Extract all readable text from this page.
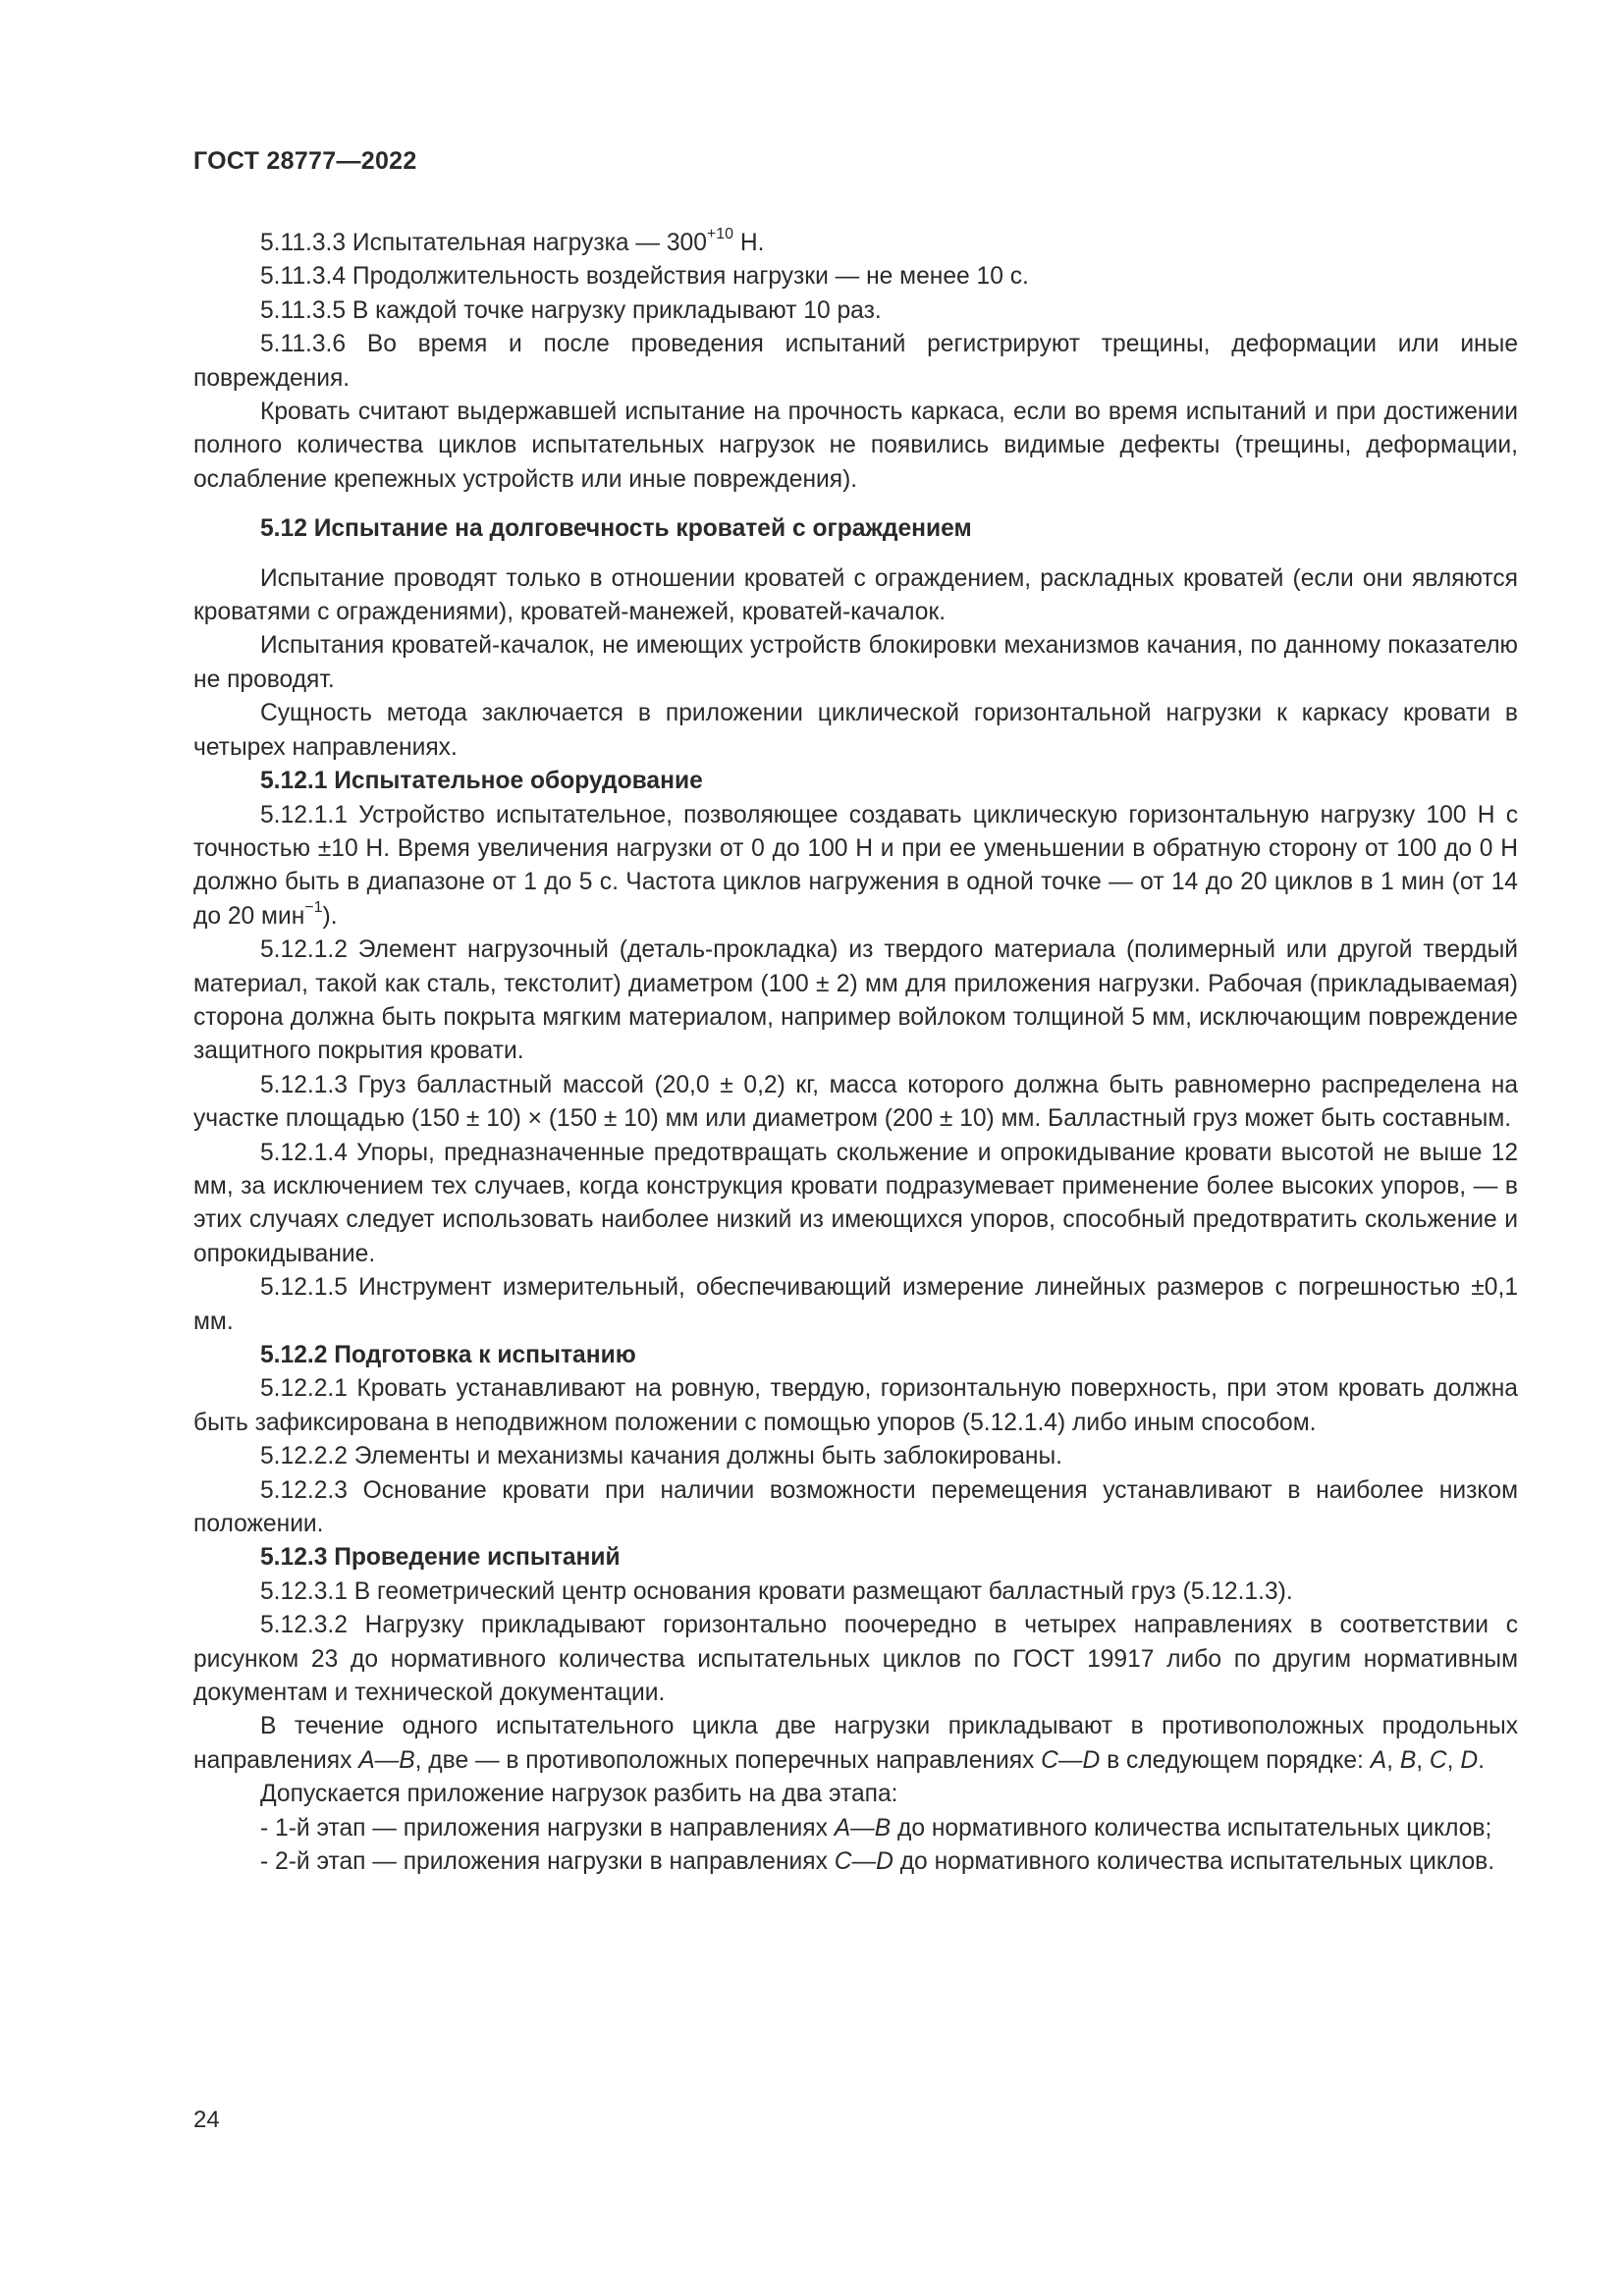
ГОСТ 28777—2022

5.11.3.3 Испытательная нагрузка — $300^{+10}$ Н.

5.11.3.4 Продолжительность воздействия нагрузки — не менее 10 с.

5.11.3.5 В каждой точке нагрузку прикладывают 10 раз.

5.11.3.6 Во время и после проведения испытаний регистрируют трещины, деформации или иные повреждения.

Кровать считают выдержавшей испытание на прочность каркаса, если во время испытаний и при достижении полного количества циклов испытательных нагрузок не появились видимые дефекты (трещины, деформации, ослабление крепежных устройств или иные повреждения).

5.12 Испытание на долговечность кроватей с ограждением

Испытание проводят только в отношении кроватей с ограждением, раскладных кроватей (если они являются кроватями с ограждениями), кроватей-манежей, кроватей-качалок.

Испытания кроватей-качалок, не имеющих устройств блокировки механизмов качания, по данному показателю не проводят.

Сущность метода заключается в приложении циклической горизонтальной нагрузки к каркасу кровати в четырех направлениях.

5.12.1 Испытательное оборудование

5.12.1.1 Устройство испытательное, позволяющее создавать циклическую горизонтальную нагрузку 100 Н с точностью ±10 Н. Время увеличения нагрузки от 0 до 100 Н и при ее уменьшении в обратную сторону от 100 до 0 Н должно быть в диапазоне от 1 до 5 с. Частота циклов нагружения в одной точке — от 14 до 20 циклов в 1 мин (от 14 до 20 мин$^{-1}$).

5.12.1.2 Элемент нагрузочный (деталь-прокладка) из твердого материала (полимерный или другой твердый материал, такой как сталь, текстолит) диаметром (100 ± 2) мм для приложения нагрузки. Рабочая (прикладываемая) сторона должна быть покрыта мягким материалом, например войлоком толщиной 5 мм, исключающим повреждение защитного покрытия кровати.

5.12.1.3 Груз балластный массой (20,0 ± 0,2) кг, масса которого должна быть равномерно распределена на участке площадью (150 ± 10) × (150 ± 10) мм или диаметром (200 ± 10) мм. Балластный груз может быть составным.

5.12.1.4 Упоры, предназначенные предотвращать скольжение и опрокидывание кровати высотой не выше 12 мм, за исключением тех случаев, когда конструкция кровати подразумевает применение более высоких упоров, — в этих случаях следует использовать наиболее низкий из имеющихся упоров, способный предотвратить скольжение и опрокидывание.

5.12.1.5 Инструмент измерительный, обеспечивающий измерение линейных размеров с погрешностью ±0,1 мм.

5.12.2 Подготовка к испытанию

5.12.2.1 Кровать устанавливают на ровную, твердую, горизонтальную поверхность, при этом кровать должна быть зафиксирована в неподвижном положении с помощью упоров (5.12.1.4) либо иным способом.

5.12.2.2 Элементы и механизмы качания должны быть заблокированы.

5.12.2.3 Основание кровати при наличии возможности перемещения устанавливают в наиболее низком положении.

5.12.3 Проведение испытаний

5.12.3.1 В геометрический центр основания кровати размещают балластный груз (5.12.1.3).

5.12.3.2 Нагрузку прикладывают горизонтально поочередно в четырех направлениях в соответствии с рисунком 23 до нормативного количества испытательных циклов по ГОСТ 19917 либо по другим нормативным документам и технической документации.

В течение одного испытательного цикла две нагрузки прикладывают в противоположных продольных направлениях А—В, две — в противоположных поперечных направлениях С—D в следующем порядке: А, В, С, D.

Допускается приложение нагрузок разбить на два этапа:

- 1-й этап — приложения нагрузки в направлениях А—В до нормативного количества испытательных циклов;

- 2-й этап — приложения нагрузки в направлениях С—D до нормативного количества испытательных циклов.

24
